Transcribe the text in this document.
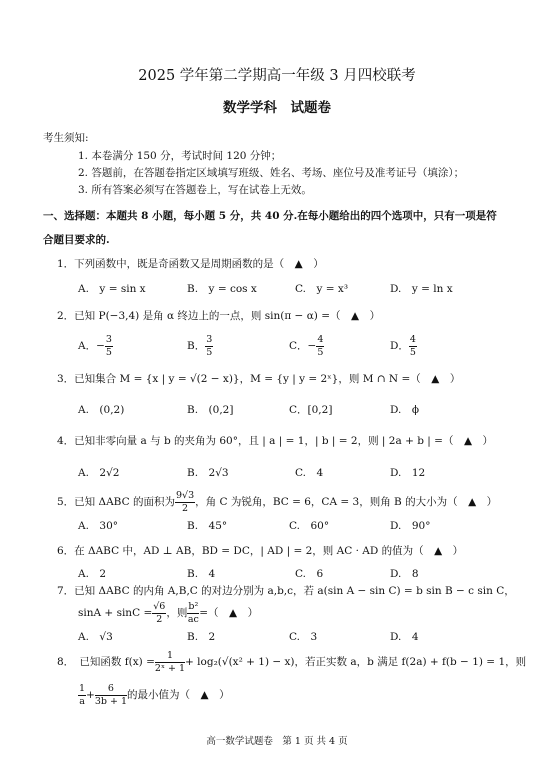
2025 学年第二学期高一年级 3 月四校联考
数学学科　试题卷
考生须知:
1. 本卷满分 150 分，考试时间 120 分钟；
2. 答题前，在答题卷指定区域填写班级、姓名、考场、座位号及准考证号（填涂）；
3. 所有答案必须写在答题卷上，写在试卷上无效。
一、选择题：本题共 8 小题，每小题 5 分，共 40 分.在每小题给出的四个选项中，只有一项是符
合题目要求的.
1．下列函数中，既是奇函数又是周期函数的是（　▲　）
A.　y = sin x	B.　y = cos x	C.　y = x³	D.　y = ln x
2．已知 P(−3,4) 是角 α 终边上的一点，则 sin(π − α) =（　▲　）
A．− $\frac{3}{5}$	B． $\frac{3}{5}$	C．− $\frac{4}{5}$	D． $\frac{4}{5}$
3．已知集合 M = {x | y = √(2 − x)}，M = {y | y = 2ˣ}，则 M ∩ N =（　▲　）
A.　(0,2)	B.　(0,2]	C．[0,2]	D.　ϕ
4．已知非零向量 a 与 b 的夹角为 60°，且 | a | = 1，| b | = 2，则 | 2a + b | =（　▲　）
A.　2√2	B.　2√3	C.　4	D.　12
5．已知 ΔABC 的面积为 $\frac{9√3}{2}$ ，角 C 为锐角，BC = 6，CA = 3，则角 B 的大小为（　▲　）
A.　30°	B.　45°	C.　60°	D.　90°
6．在 ΔABC 中，AD ⊥ AB，BD = DC，| AD | = 2，则 AC · AD 的值为（　▲　）
A.　2	B.　4	C.　6	D.　8
7．已知 ΔABC 的内角 A,B,C 的对边分别为 a,b,c，若 a(sin A − sin C) = b sin B − c sin C，
$\sin A + \sin C = \frac{√6}{2}$ ，则 $\frac{\text{b²}}{ac}$ =（　▲　）
A.　√3	B.　2	C.　3	D.　4
8．　已知函数 $f(x) = \frac{1}{\text{2ˣ + 1}} + \log_2(√(x^2 + 1) - x)$，若正实数 a，b 满足 f(2a) + f(b − 1) = 1，则
$\frac{1}{a} + \frac{6}{3b + 1}$ 的最小值为（　▲　）
高一数学试题卷　第 1 页 共 4 页
